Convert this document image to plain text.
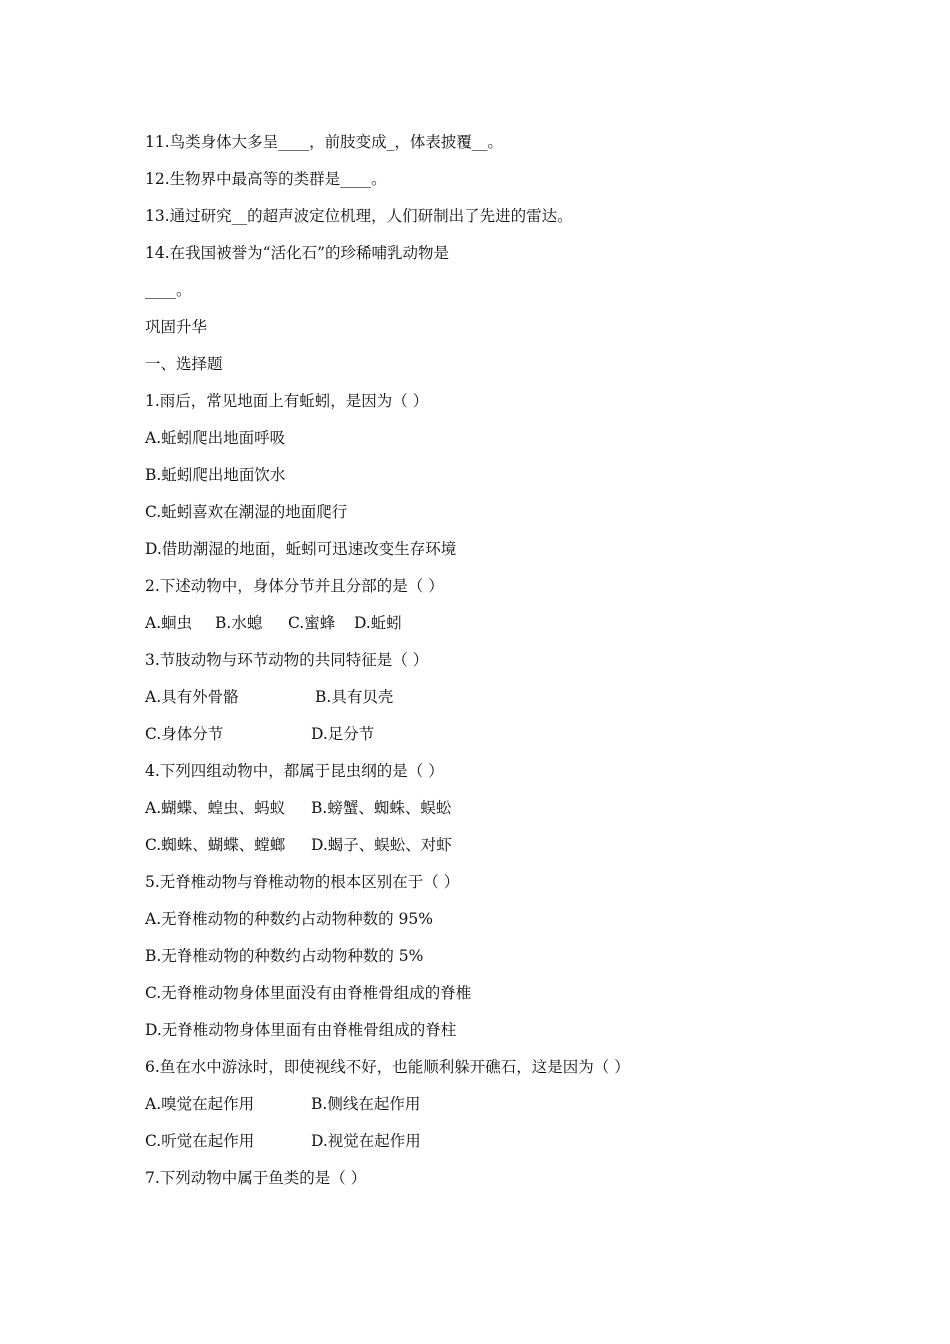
11.鸟类身体大多呈____，前肢变成_，体表披覆__。
12.生物界中最高等的类群是____。
13.通过研究__的超声波定位机理，人们研制出了先进的雷达。
14.在我国被誉为“活化石”的珍稀哺乳动物是
____。
巩固升华
一、选择题
1.雨后，常见地面上有蚯蚓，是因为（ ）
A.蚯蚓爬出地面呼吸
B.蚯蚓爬出地面饮水
C.蚯蚓喜欢在潮湿的地面爬行
D.借助潮湿的地面，蚯蚓可迅速改变生存环境
2.下述动物中，身体分节并且分部的是（ ）
A.蛔虫	B.水螅	C.蜜蜂	D.蚯蚓
3.节肢动物与环节动物的共同特征是（ ）
A.具有外骨骼	B.具有贝壳
C.身体分节	D.足分节
4.下列四组动物中，都属于昆虫纲的是（ ）
A.蝴蝶、蝗虫、蚂蚁	B.螃蟹、蜘蛛、蜈蚣
C.蜘蛛、蝴蝶、螳螂	D.蝎子、蜈蚣、对虾
5.无脊椎动物与脊椎动物的根本区别在于（ ）
A.无脊椎动物的种数约占动物种数的 95%
B.无脊椎动物的种数约占动物种数的 5%
C.无脊椎动物身体里面没有由脊椎骨组成的脊椎
D.无脊椎动物身体里面有由脊椎骨组成的脊柱
6.鱼在水中游泳时，即使视线不好，也能顺利躲开礁石，这是因为（ ）
A.嗅觉在起作用	B.侧线在起作用
C.听觉在起作用	D.视觉在起作用
7.下列动物中属于鱼类的是（ ）
